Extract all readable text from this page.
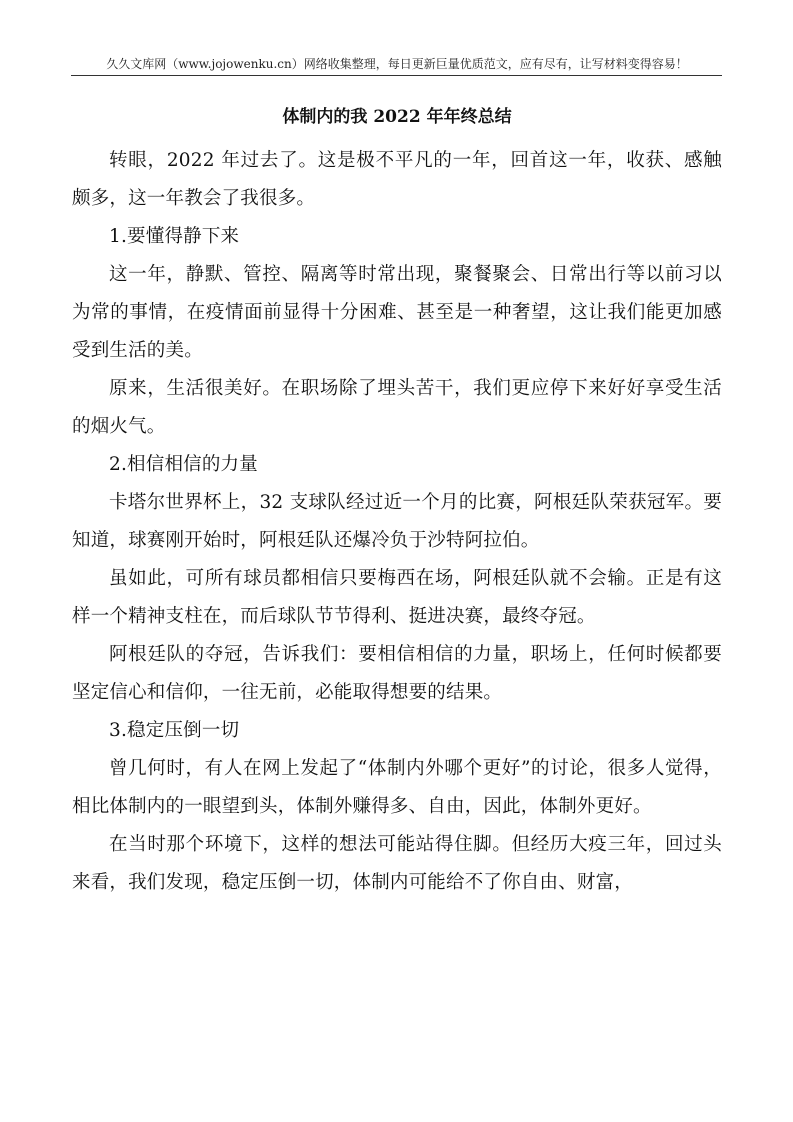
久久文库网（www.jojowenku.cn）网络收集整理，每日更新巨量优质范文，应有尽有，让写材料变得容易！
体制内的我 2022 年年终总结

转眼，2022 年过去了。这是极不平凡的一年，回首这一年，收获、感触颇多，这一年教会了我很多。

1.要懂得静下来

这一年，静默、管控、隔离等时常出现，聚餐聚会、日常出行等以前习以为常的事情，在疫情面前显得十分困难、甚至是一种奢望，这让我们能更加感受到生活的美。

原来，生活很美好。在职场除了埋头苦干，我们更应停下来好好享受生活的烟火气。

2.相信相信的力量

卡塔尔世界杯上，32 支球队经过近一个月的比赛，阿根廷队荣获冠军。要知道，球赛刚开始时，阿根廷队还爆冷负于沙特阿拉伯。

虽如此，可所有球员都相信只要梅西在场，阿根廷队就不会输。正是有这样一个精神支柱在，而后球队节节得利、挺进决赛，最终夺冠。

阿根廷队的夺冠，告诉我们：要相信相信的力量，职场上，任何时候都要坚定信心和信仰，一往无前，必能取得想要的结果。

3.稳定压倒一切

曾几何时，有人在网上发起了“体制内外哪个更好”的讨论，很多人觉得，相比体制内的一眼望到头，体制外赚得多、自由，因此，体制外更好。

在当时那个环境下，这样的想法可能站得住脚。但经历大疫三年，回过头来看，我们发现，稳定压倒一切，体制内可能给不了你自由、财富，
